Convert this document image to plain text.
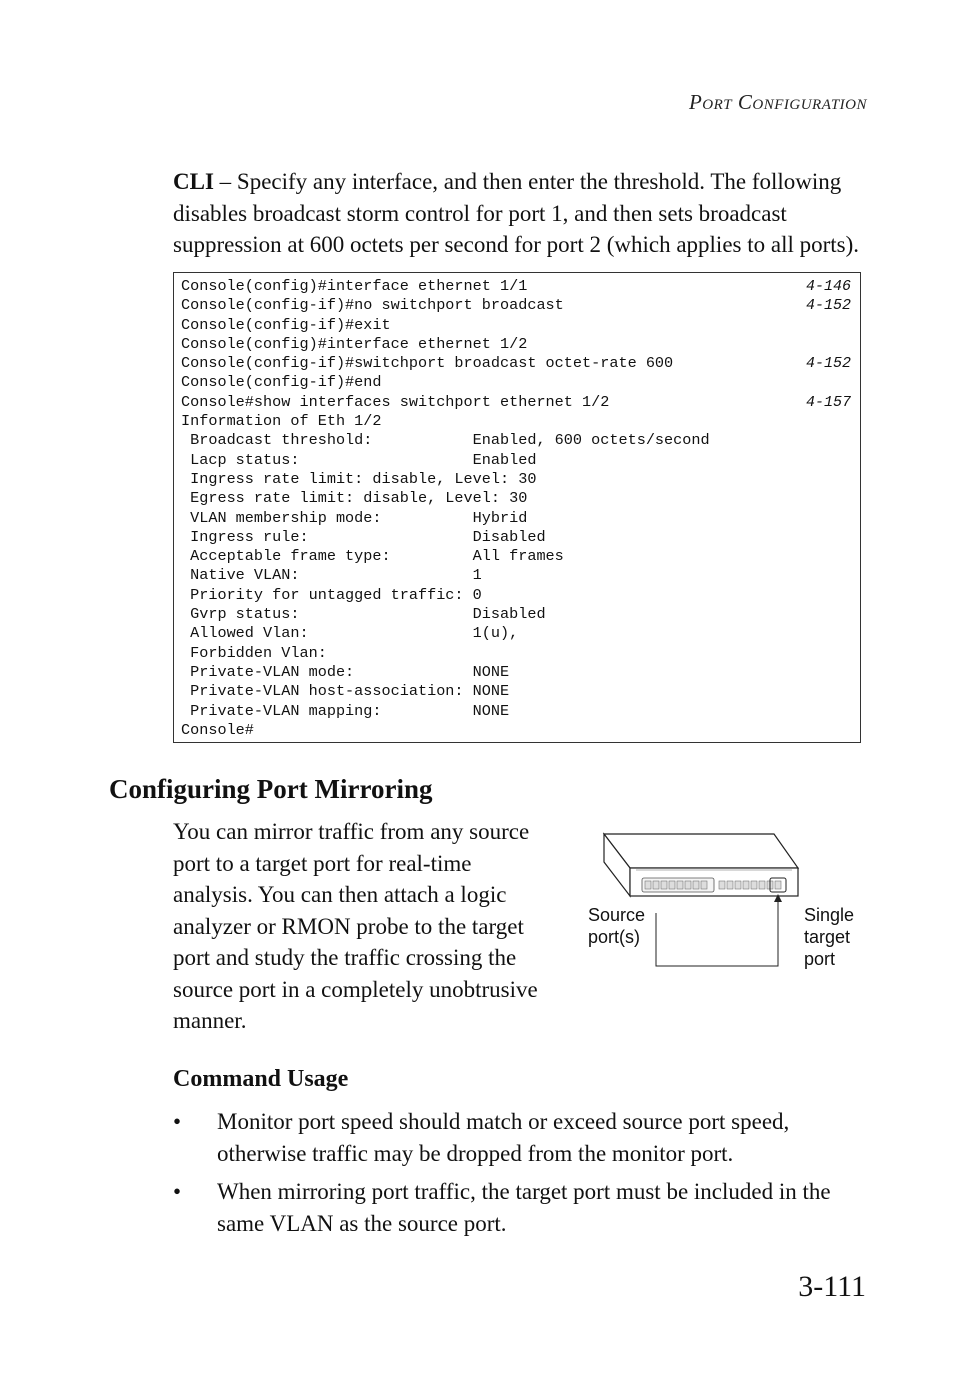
PORT CONFIGURATION
CLI – Specify any interface, and then enter the threshold. The following disables broadcast storm control for port 1, and then sets broadcast suppression at 600 octets per second for port 2 (which applies to all ports).
Console(config)#interface ethernet 1/1	4-146
Console(config-if)#no switchport broadcast	4-152
Console(config-if)#exit
Console(config)#interface ethernet 1/2
Console(config-if)#switchport broadcast octet-rate 600	4-152
Console(config-if)#end
Console#show interfaces switchport ethernet 1/2	4-157
Information of Eth 1/2
Broadcast threshold:           Enabled, 600 octets/second
Lacp status:                   Enabled
Ingress rate limit: disable, Level: 30
Egress rate limit: disable, Level: 30
VLAN membership mode:          Hybrid
Ingress rule:                  Disabled
Acceptable frame type:         All frames
Native VLAN:                   1
Priority for untagged traffic: 0
Gvrp status:                   Disabled
Allowed Vlan:                  1(u),
Forbidden Vlan:
Private-VLAN mode:             NONE
Private-VLAN host-association: NONE
Private-VLAN mapping:          NONE
Console#
Configuring Port Mirroring
You can mirror traffic from any source port to a target port for real-time analysis. You can then attach a logic analyzer or RMON probe to the target port and study the traffic crossing the source port in a completely unobtrusive manner.
Source
port(s)
Single
target
port
Command Usage
• Monitor port speed should match or exceed source port speed, otherwise traffic may be dropped from the monitor port.
• When mirroring port traffic, the target port must be included in the same VLAN as the source port.
3-111
